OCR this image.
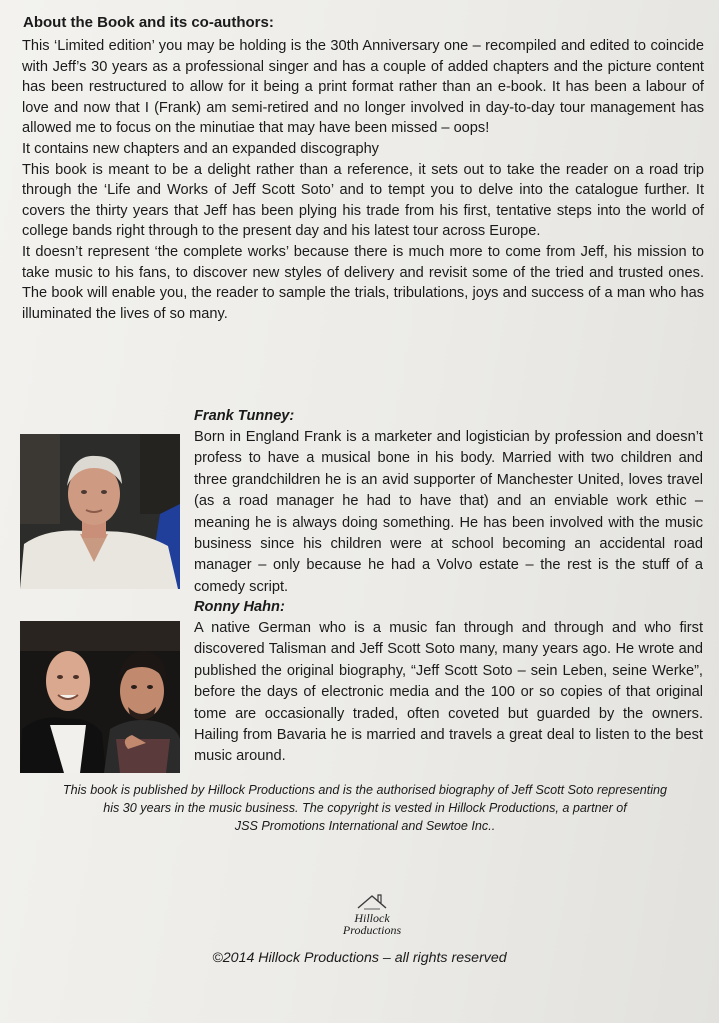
About the Book and its co-authors:

This ‘Limited edition’ you may be holding is the 30th Anniversary one – recompiled and edited to coincide with Jeff’s 30 years as a professional singer and has a couple of added chapters and the picture content has been restructured to allow for it being a print format rather than an e-book. It has been a labour of love and now that I (Frank) am semi-retired and no longer involved in day-to-day tour management has allowed me to focus on the minutiae that may have been missed – oops!

It contains new chapters and an expanded discography

This book is meant to be a delight rather than a reference, it sets out to take the reader on a road trip through the ‘Life and Works of Jeff Scott Soto’ and to tempt you to delve into the catalogue further. It covers the thirty years that Jeff has been plying his trade from his first, tentative steps into the world of college bands right through to the present day and his latest tour across Europe.

It doesn’t represent ‘the complete works’ because there is much more to come from Jeff, his mission to take music to his fans, to discover new styles of delivery and revisit some of the tried and trusted ones. The book will enable you, the reader to sample the trials, tribulations, joys and success of a man who has illuminated the lives of so many.

Frank Tunney:
Born in England Frank is a marketer and logistician by profession and doesn’t profess to have a musical bone in his body. Married with two children and three grandchildren he is an avid supporter of Manchester United, loves travel (as a road manager he had to have that) and an enviable work ethic – meaning he is always doing something. He has been involved with the music business since his children were at school becoming an accidental road manager – only because he had a Volvo estate – the rest is the stuff of a comedy script.
Ronny Hahn:
A native German who is a music fan through and through and who first discovered Talisman and Jeff Scott Soto many, many years ago. He wrote and published the original biography, “Jeff Scott Soto – sein Leben, seine Werke”, before the days of electronic media and the 100 or so copies of that original tome are occasionally traded, often coveted but guarded by the owners. Hailing from Bavaria he is married and travels a great deal to listen to the best music around.

This book is published by Hillock Productions and is the authorised biography of Jeff Scott Soto representing

his 30 years in the music business. The copyright is vested in Hillock Productions, a partner of

JSS Promotions International and Sewtoe Inc..

Hillock
Productions
©2014 Hillock Productions – all rights reserved
